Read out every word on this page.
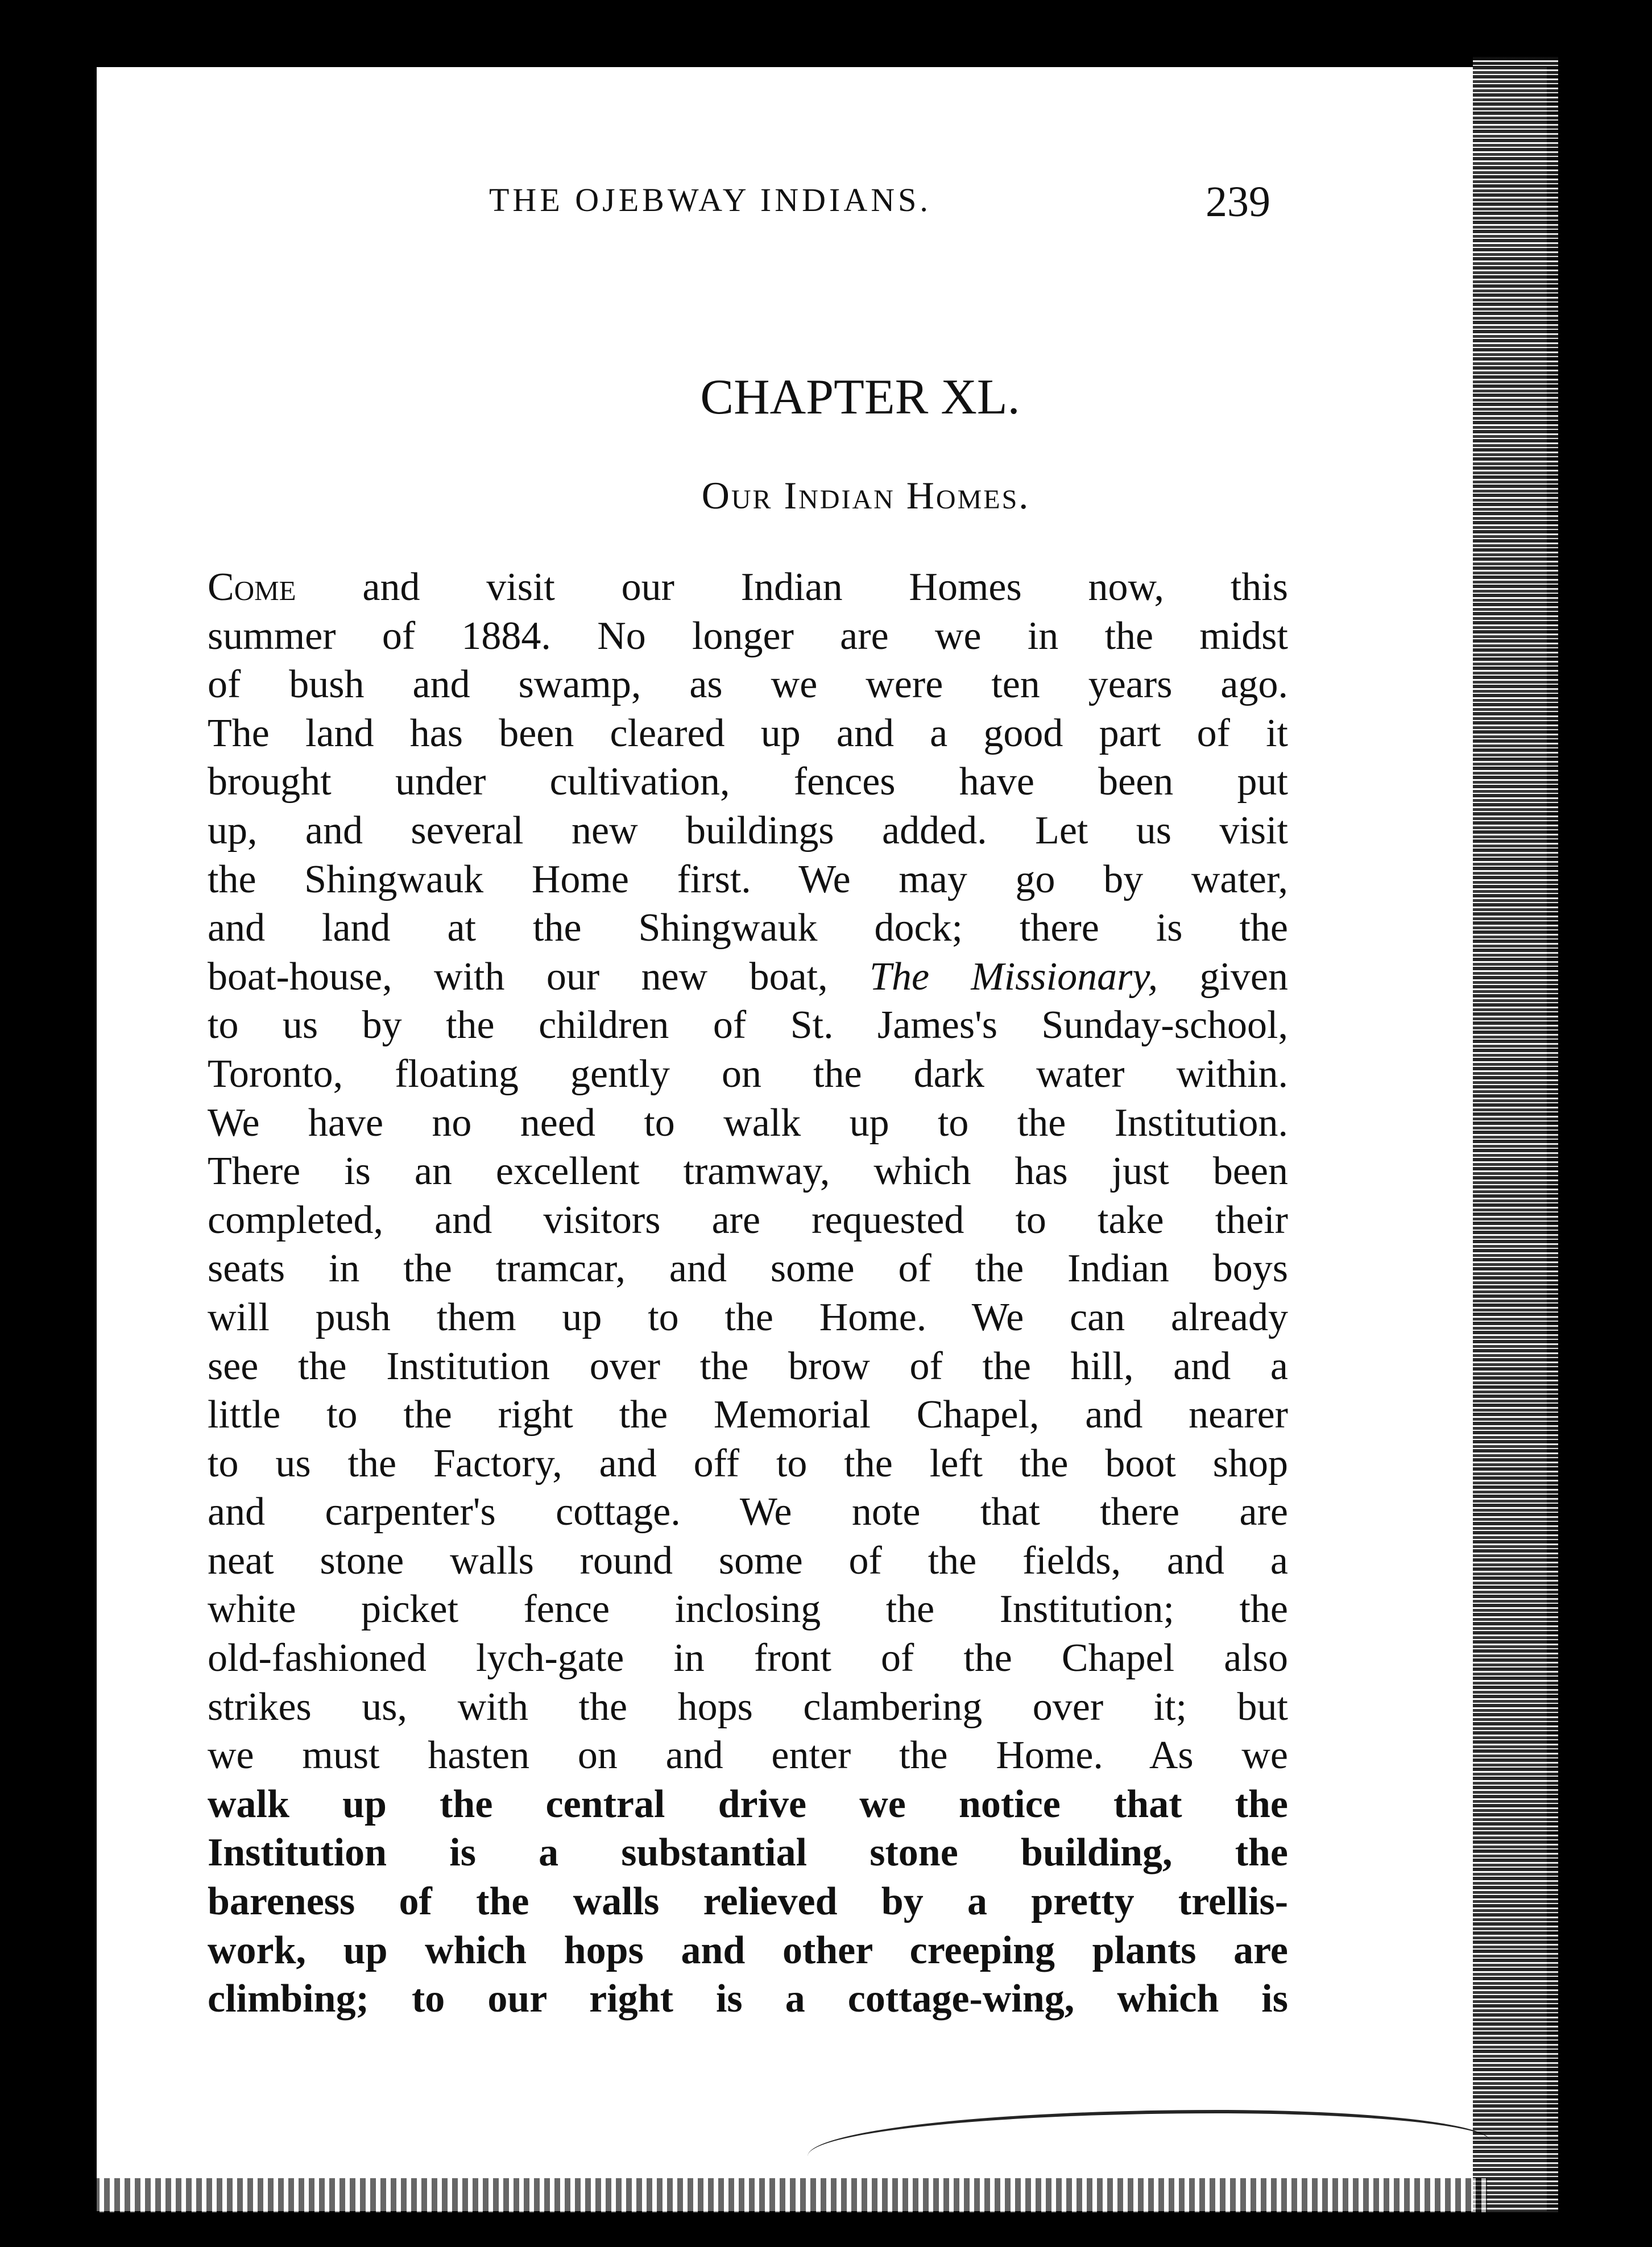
THE OJEBWAY INDIANS.	239
CHAPTER XL.
Our Indian Homes.
Come and visit our Indian Homes now, this
summer of 1884. No longer are we in the midst
of bush and swamp, as we were ten years ago.
The land has been cleared up and a good part of it
brought under cultivation, fences have been put
up, and several new buildings added. Let us visit
the Shingwauk Home first. We may go by water,
and land at the Shingwauk dock; there is the
boat-house, with our new boat, The Missionary, given
to us by the children of St. James's Sunday-school,
Toronto, floating gently on the dark water within.
We have no need to walk up to the Institution.
There is an excellent tramway, which has just been
completed, and visitors are requested to take their
seats in the tramcar, and some of the Indian boys
will push them up to the Home. We can already
see the Institution over the brow of the hill, and a
little to the right the Memorial Chapel, and nearer
to us the Factory, and off to the left the boot shop
and carpenter's cottage. We note that there are
neat stone walls round some of the fields, and a
white picket fence inclosing the Institution; the
old-fashioned lych-gate in front of the Chapel also
strikes us, with the hops clambering over it; but
we must hasten on and enter the Home. As we
walk up the central drive we notice that the
Institution is a substantial stone building, the
bareness of the walls relieved by a pretty trellis-
work, up which hops and other creeping plants are
climbing; to our right is a cottage-wing, which is
